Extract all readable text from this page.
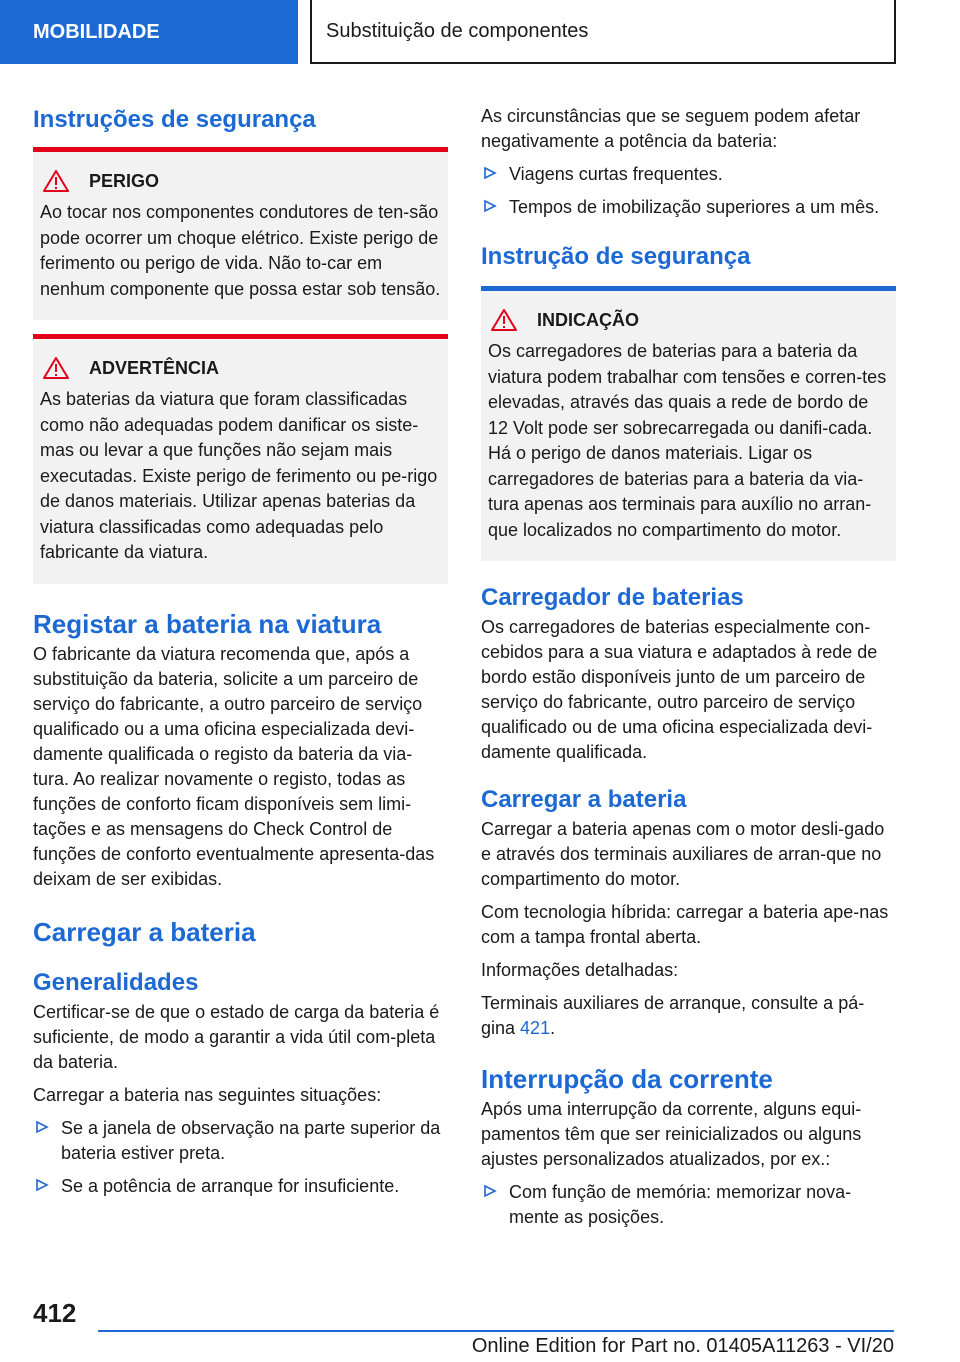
MOBILIDADE	Substituição de componentes
Instruções de segurança
PERIGO

Ao tocar nos componentes condutores de ten-são pode ocorrer um choque elétrico. Existe perigo de ferimento ou perigo de vida. Não to-car em nenhum componente que possa estar sob tensão.

ADVERTÊNCIA

As baterias da viatura que foram classificadas como não adequadas podem danificar os siste-mas ou levar a que funções não sejam mais executadas. Existe perigo de ferimento ou pe-rigo de danos materiais. Utilizar apenas baterias da viatura classificadas como adequadas pelo fabricante da viatura.

Registar a bateria na viatura

O fabricante da viatura recomenda que, após a substituição da bateria, solicite a um parceiro de serviço do fabricante, a outro parceiro de serviço qualificado ou a uma oficina especializada devi-damente qualificada o registo da bateria da via-tura. Ao realizar novamente o registo, todas as funções de conforto ficam disponíveis sem limi-tações e as mensagens do Check Control de funções de conforto eventualmente apresenta-das deixam de ser exibidas.

Carregar a bateria
Generalidades

Certificar-se de que o estado de carga da bateria é suficiente, de modo a garantir a vida útil com-pleta da bateria.

Carregar a bateria nas seguintes situações:

Se a janela de observação na parte superior da bateria estiver preta.
Se a potência de arranque for insuficiente.

As circunstâncias que se seguem podem afetar negativamente a potência da bateria:

Viagens curtas frequentes.
Tempos de imobilização superiores a um mês.
Instrução de segurança
INDICAÇÃO

Os carregadores de baterias para a bateria da viatura podem trabalhar com tensões e corren-tes elevadas, através das quais a rede de bordo de 12 Volt pode ser sobrecarregada ou danifi-cada. Há o perigo de danos materiais. Ligar os carregadores de baterias para a bateria da via-tura apenas aos terminais para auxílio no arran-que localizados no compartimento do motor.

Carregador de baterias

Os carregadores de baterias especialmente con-cebidos para a sua viatura e adaptados à rede de bordo estão disponíveis junto de um parceiro de serviço do fabricante, outro parceiro de serviço qualificado ou de uma oficina especializada devi-damente qualificada.

Carregar a bateria

Carregar a bateria apenas com o motor desli-gado e através dos terminais auxiliares de arran-que no compartimento do motor.

Com tecnologia híbrida: carregar a bateria ape-nas com a tampa frontal aberta.

Informações detalhadas:

Terminais auxiliares de arranque, consulte a pá-gina 421.

Interrupção da corrente

Após uma interrupção da corrente, alguns equi-pamentos têm que ser reinicializados ou alguns ajustes personalizados atualizados, por ex.:

Com função de memória: memorizar nova-mente as posições.
412
Online Edition for Part no. 01405A11263 - VI/20
